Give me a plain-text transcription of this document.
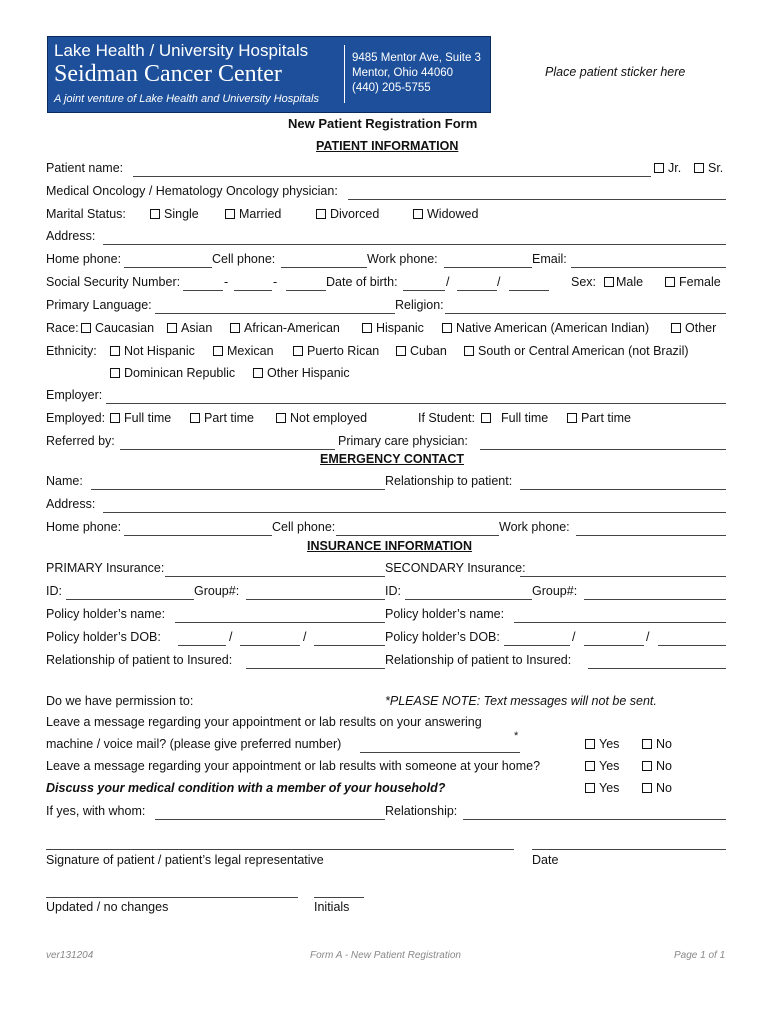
Lake Health / University Hospitals
Seidman Cancer Center
A joint venture of Lake Health and University Hospitals
9485 Mentor Ave, Suite 3
Mentor, Ohio 44060
(440) 205-5755
Place patient sticker here
New Patient Registration Form
PATIENT INFORMATION
Patient name:	Jr.	Sr.
Medical Oncology / Hematology Oncology physician:
Marital Status:	Single	Married	Divorced	Widowed
Address:
Home phone:	Cell phone:	Work phone:	Email:
Social Security Number:	-	-	Date of birth:	/	/	Sex:	Male	Female
Primary Language:	Religion:
Race:	Caucasian	Asian	African-American	Hispanic	Native American (American Indian)	Other
Ethnicity:	Not Hispanic	Mexican	Puerto Rican	Cuban	South or Central American (not Brazil)
Dominican Republic	Other Hispanic
Employer:
Employed:	Full time	Part time	Not employed	If Student:	Full time	Part time
Referred by:	Primary care physician:
EMERGENCY CONTACT
Name:	Relationship to patient:
Address:
Home phone:	Cell phone:	Work phone:
INSURANCE INFORMATION
PRIMARY Insurance:	SECONDARY Insurance:
ID:	Group#:	ID:	Group#:
Policy holder’s name:	Policy holder’s name:
Policy holder’s DOB:	/	/	Policy holder’s DOB:	/	/
Relationship of patient to Insured:	Relationship of patient to Insured:
Do we have permission to:	*PLEASE NOTE: Text messages will not be sent.
Leave a message regarding your appointment or lab results on your answering
machine / voice mail? (please give preferred number)
*
Yes	No
Leave a message regarding your appointment or lab results with someone at your home?	Yes	No
Discuss your medical condition with a member of your household?	Yes	No
If yes, with whom:	Relationship:
Signature of patient / patient’s legal representative	Date
Updated / no changes	Initials
ver131204	Form A - New Patient Registration	Page 1 of 1
